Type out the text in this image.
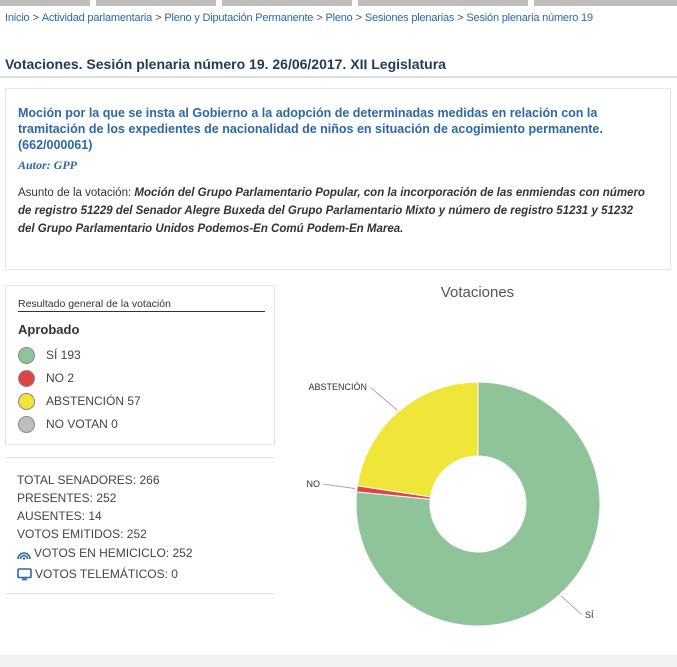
Inicio > Actividad parlamentaria > Pleno y Diputación Permanente > Pleno > Sesiones plenarias > Sesión plenaria número 19
Votaciones. Sesión plenaria número 19. 26/06/2017. XII Legislatura
Moción por la que se insta al Gobierno a la adopción de determinadas medidas en relación con la tramitación de los expedientes de nacionalidad de niños en situación de acogimiento permanente. (662/000061)
Autor: GPP
Asunto de la votación: Moción del Grupo Parlamentario Popular, con la incorporación de las enmiendas con número de registro 51229 del Senador Alegre Buxeda del Grupo Parlamentario Mixto y número de registro 51231 y 51232 del Grupo Parlamentario Unidos Podemos-En Comú Podem-En Marea.
Resultado general de la votación
Aprobado
SÍ 193
NO 2
ABSTENCIÓN 57
NO VOTAN 0
TOTAL SENADORES: 266
PRESENTES: 252
AUSENTES: 14
VOTOS EMITIDOS: 252
VOTOS EN HEMICICLO: 252
VOTOS TELEMÁTICOS: 0
Votaciones
SÍ
NO
ABSTENCIÓN
